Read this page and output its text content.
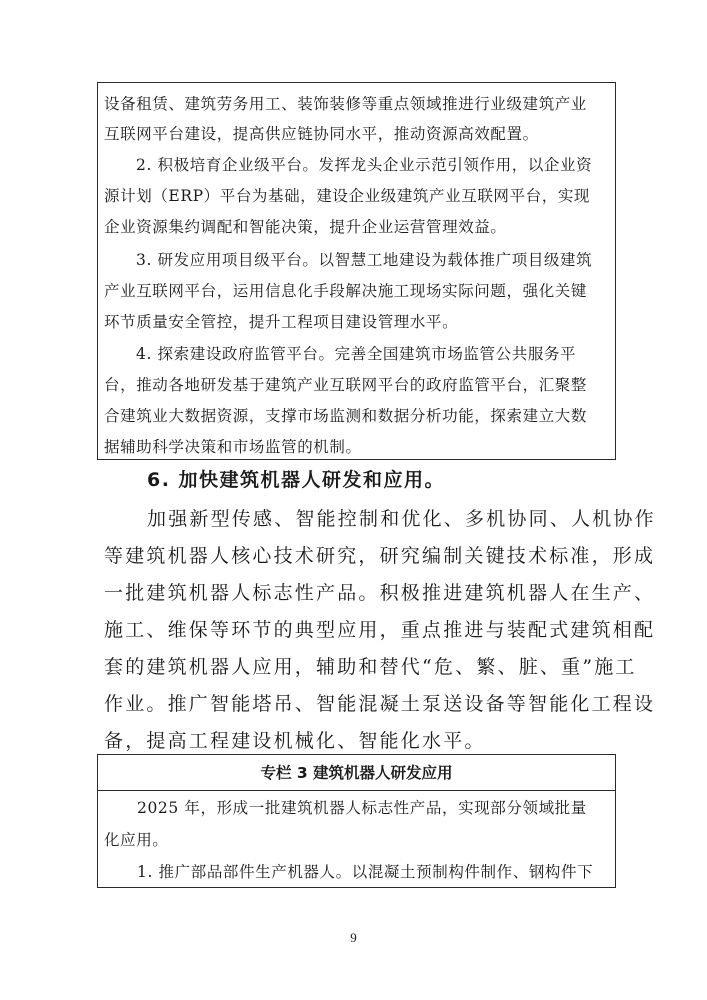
设备租赁、建筑劳务用工、装饰装修等重点领域推进行业级建筑产业
互联网平台建设，提高供应链协同水平，推动资源高效配置。
2. 积极培育企业级平台。发挥龙头企业示范引领作用，以企业资
源计划（ERP）平台为基础，建设企业级建筑产业互联网平台，实现
企业资源集约调配和智能决策，提升企业运营管理效益。
3. 研发应用项目级平台。以智慧工地建设为载体推广项目级建筑
产业互联网平台，运用信息化手段解决施工现场实际问题，强化关键
环节质量安全管控，提升工程项目建设管理水平。
4. 探索建设政府监管平台。完善全国建筑市场监管公共服务平
台，推动各地研发基于建筑产业互联网平台的政府监管平台，汇聚整
合建筑业大数据资源，支撑市场监测和数据分析功能，探索建立大数
据辅助科学决策和市场监管的机制。
6. 加快建筑机器人研发和应用。
加强新型传感、智能控制和优化、多机协同、人机协作
等建筑机器人核心技术研究，研究编制关键技术标准，形成
一批建筑机器人标志性产品。积极推进建筑机器人在生产、
施工、维保等环节的典型应用，重点推进与装配式建筑相配
套的建筑机器人应用，辅助和替代“危、繁、脏、重”施工
作业。推广智能塔吊、智能混凝土泵送设备等智能化工程设
备，提高工程建设机械化、智能化水平。
专栏 3 建筑机器人研发应用
2025 年，形成一批建筑机器人标志性产品，实现部分领域批量
化应用。
1. 推广部品部件生产机器人。以混凝土预制构件制作、钢构件下
9
